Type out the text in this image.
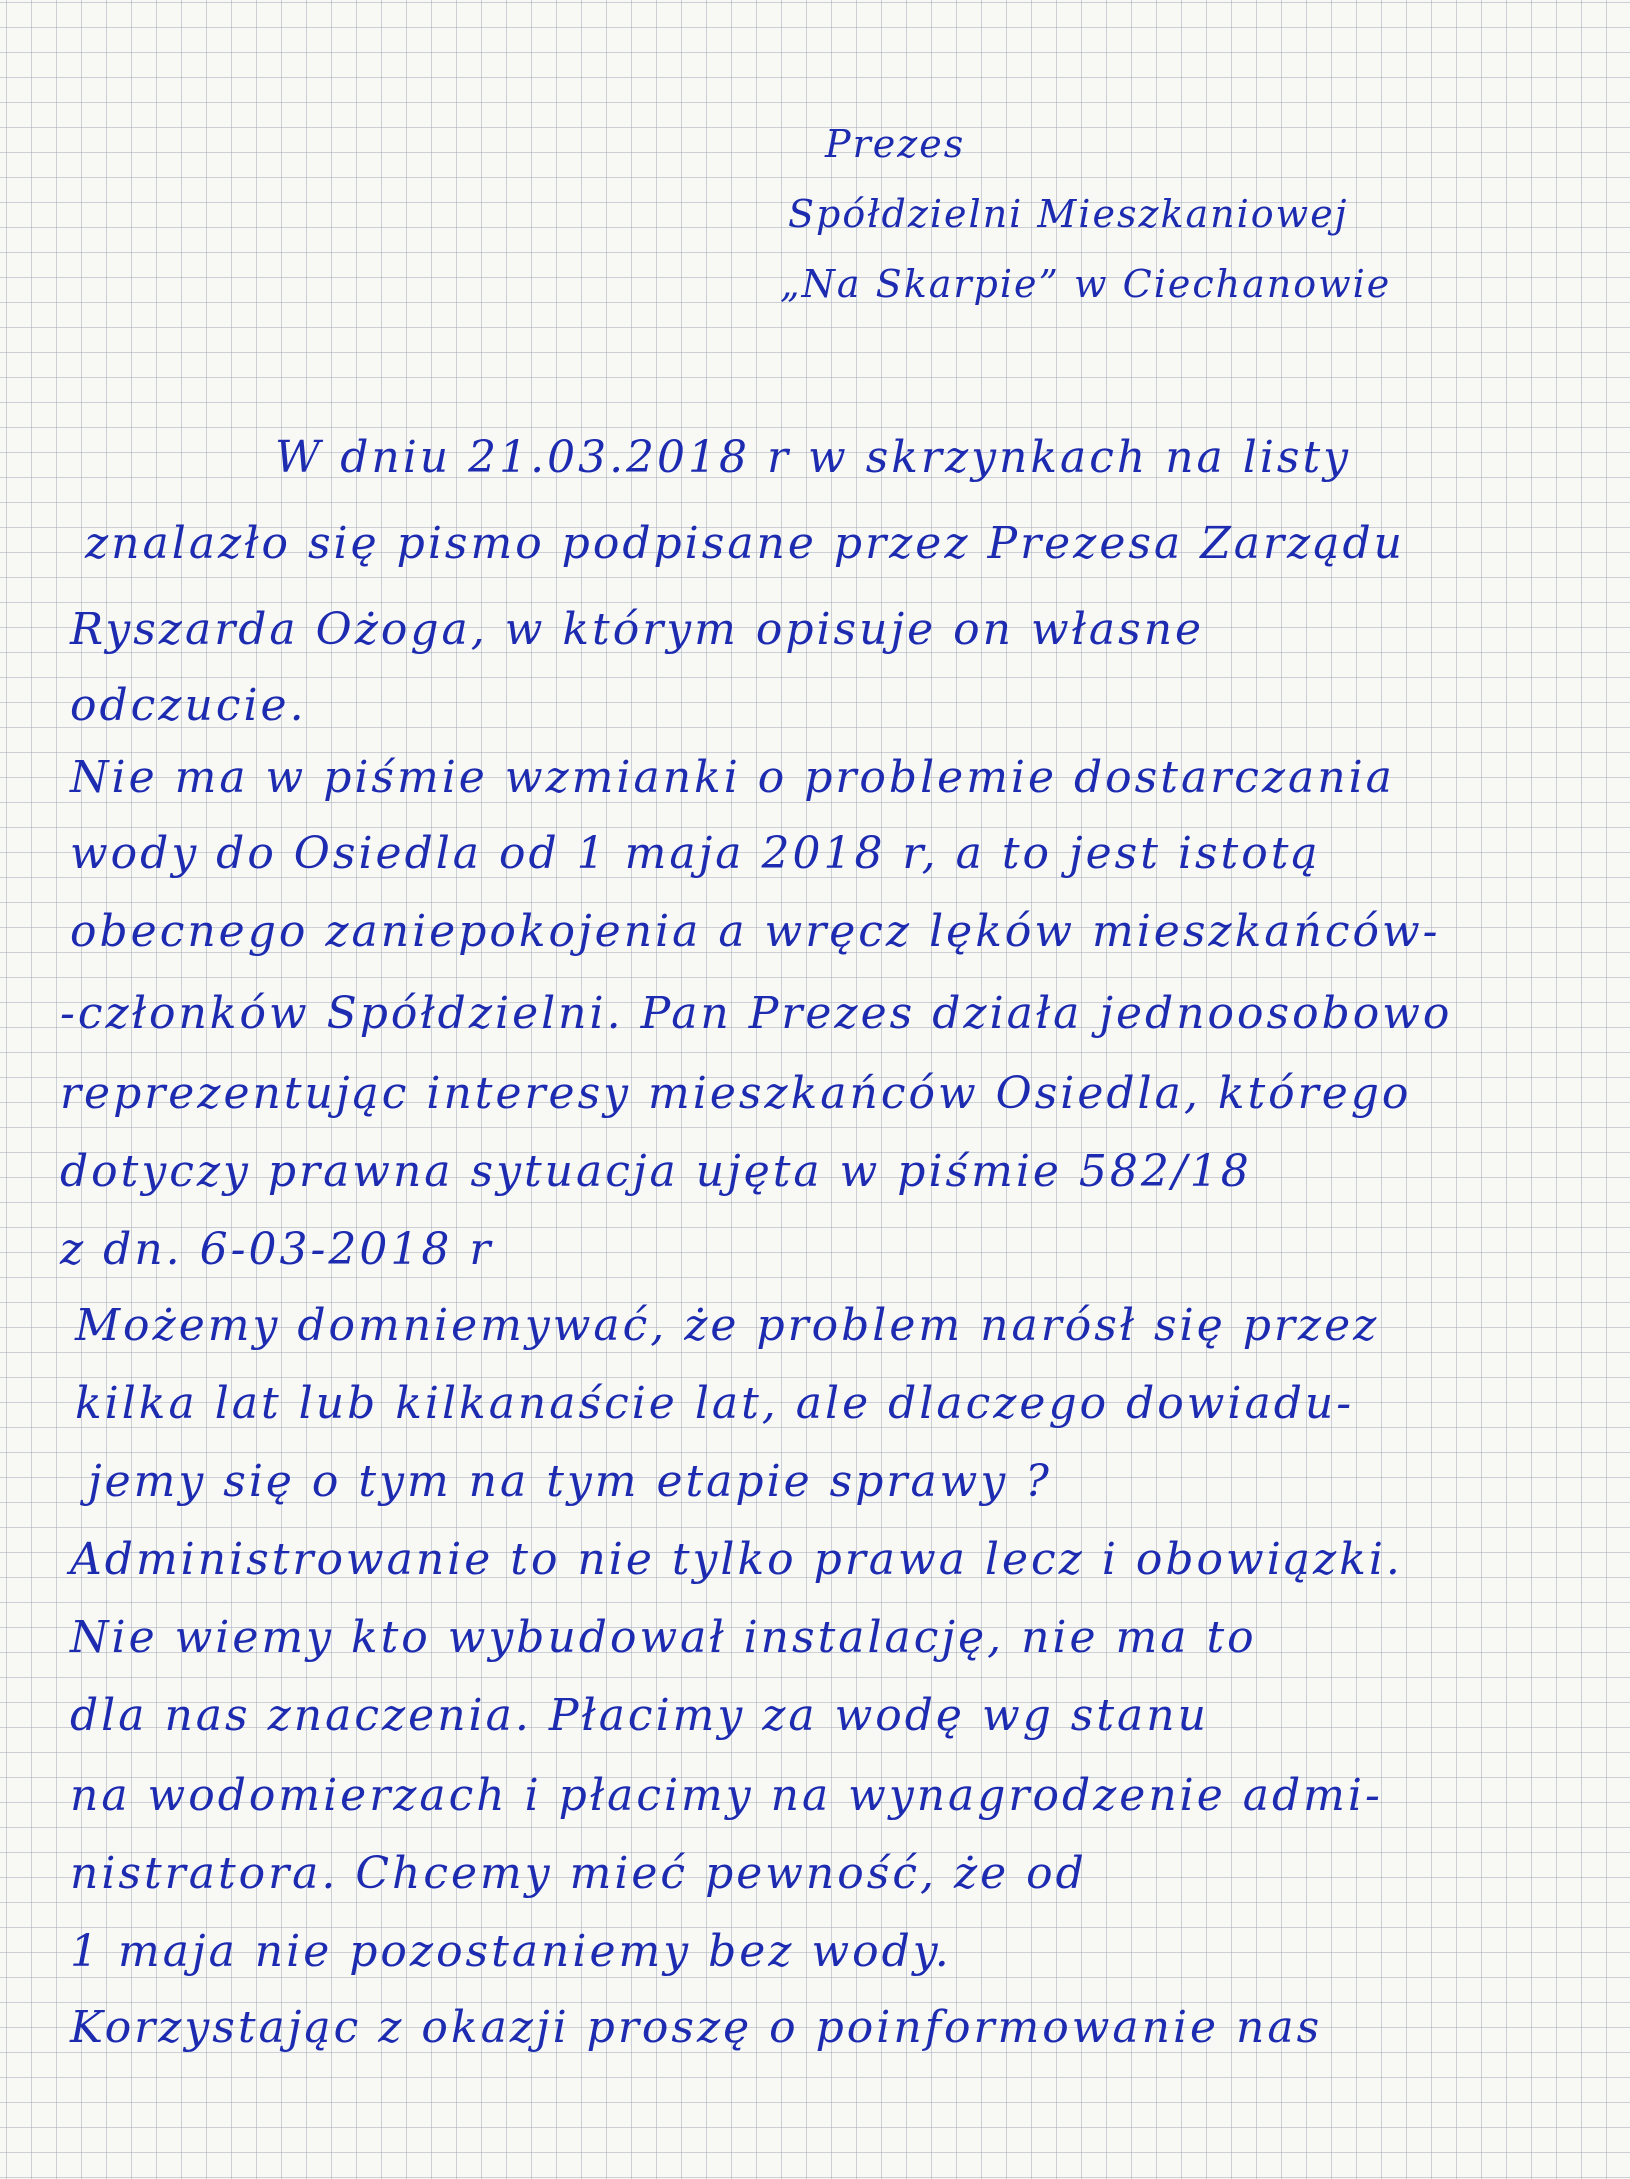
Prezes
Spółdzielni Mieszkaniowej
„Na Skarpie” w Ciechanowie
W dniu 21.03.2018 r w skrzynkach na listy
znalazło się pismo podpisane przez Prezesa Zarządu
Ryszarda Ożoga, w którym opisuje on własne
odczucie.
Nie ma w piśmie wzmianki o problemie dostarczania
wody do Osiedla od 1 maja 2018 r, a to jest istotą
obecnego zaniepokojenia a wręcz lęków mieszkańców-
-członków Spółdzielni. Pan Prezes działa jednoosobowo
reprezentując interesy mieszkańców Osiedla, którego
dotyczy prawna sytuacja ujęta w piśmie 582/18
z dn. 6-03-2018 r
Możemy domniemywać, że problem narósł się przez
kilka lat lub kilkanaście lat, ale dlaczego dowiadu-
jemy się o tym na tym etapie sprawy ?
Administrowanie to nie tylko prawa lecz i obowiązki.
Nie wiemy kto wybudował instalację, nie ma to
dla nas znaczenia. Płacimy za wodę wg stanu
na wodomierzach i płacimy na wynagrodzenie admi-
nistratora. Chcemy mieć pewność, że od
1 maja nie pozostaniemy bez wody.
Korzystając z okazji proszę o poinformowanie nas
